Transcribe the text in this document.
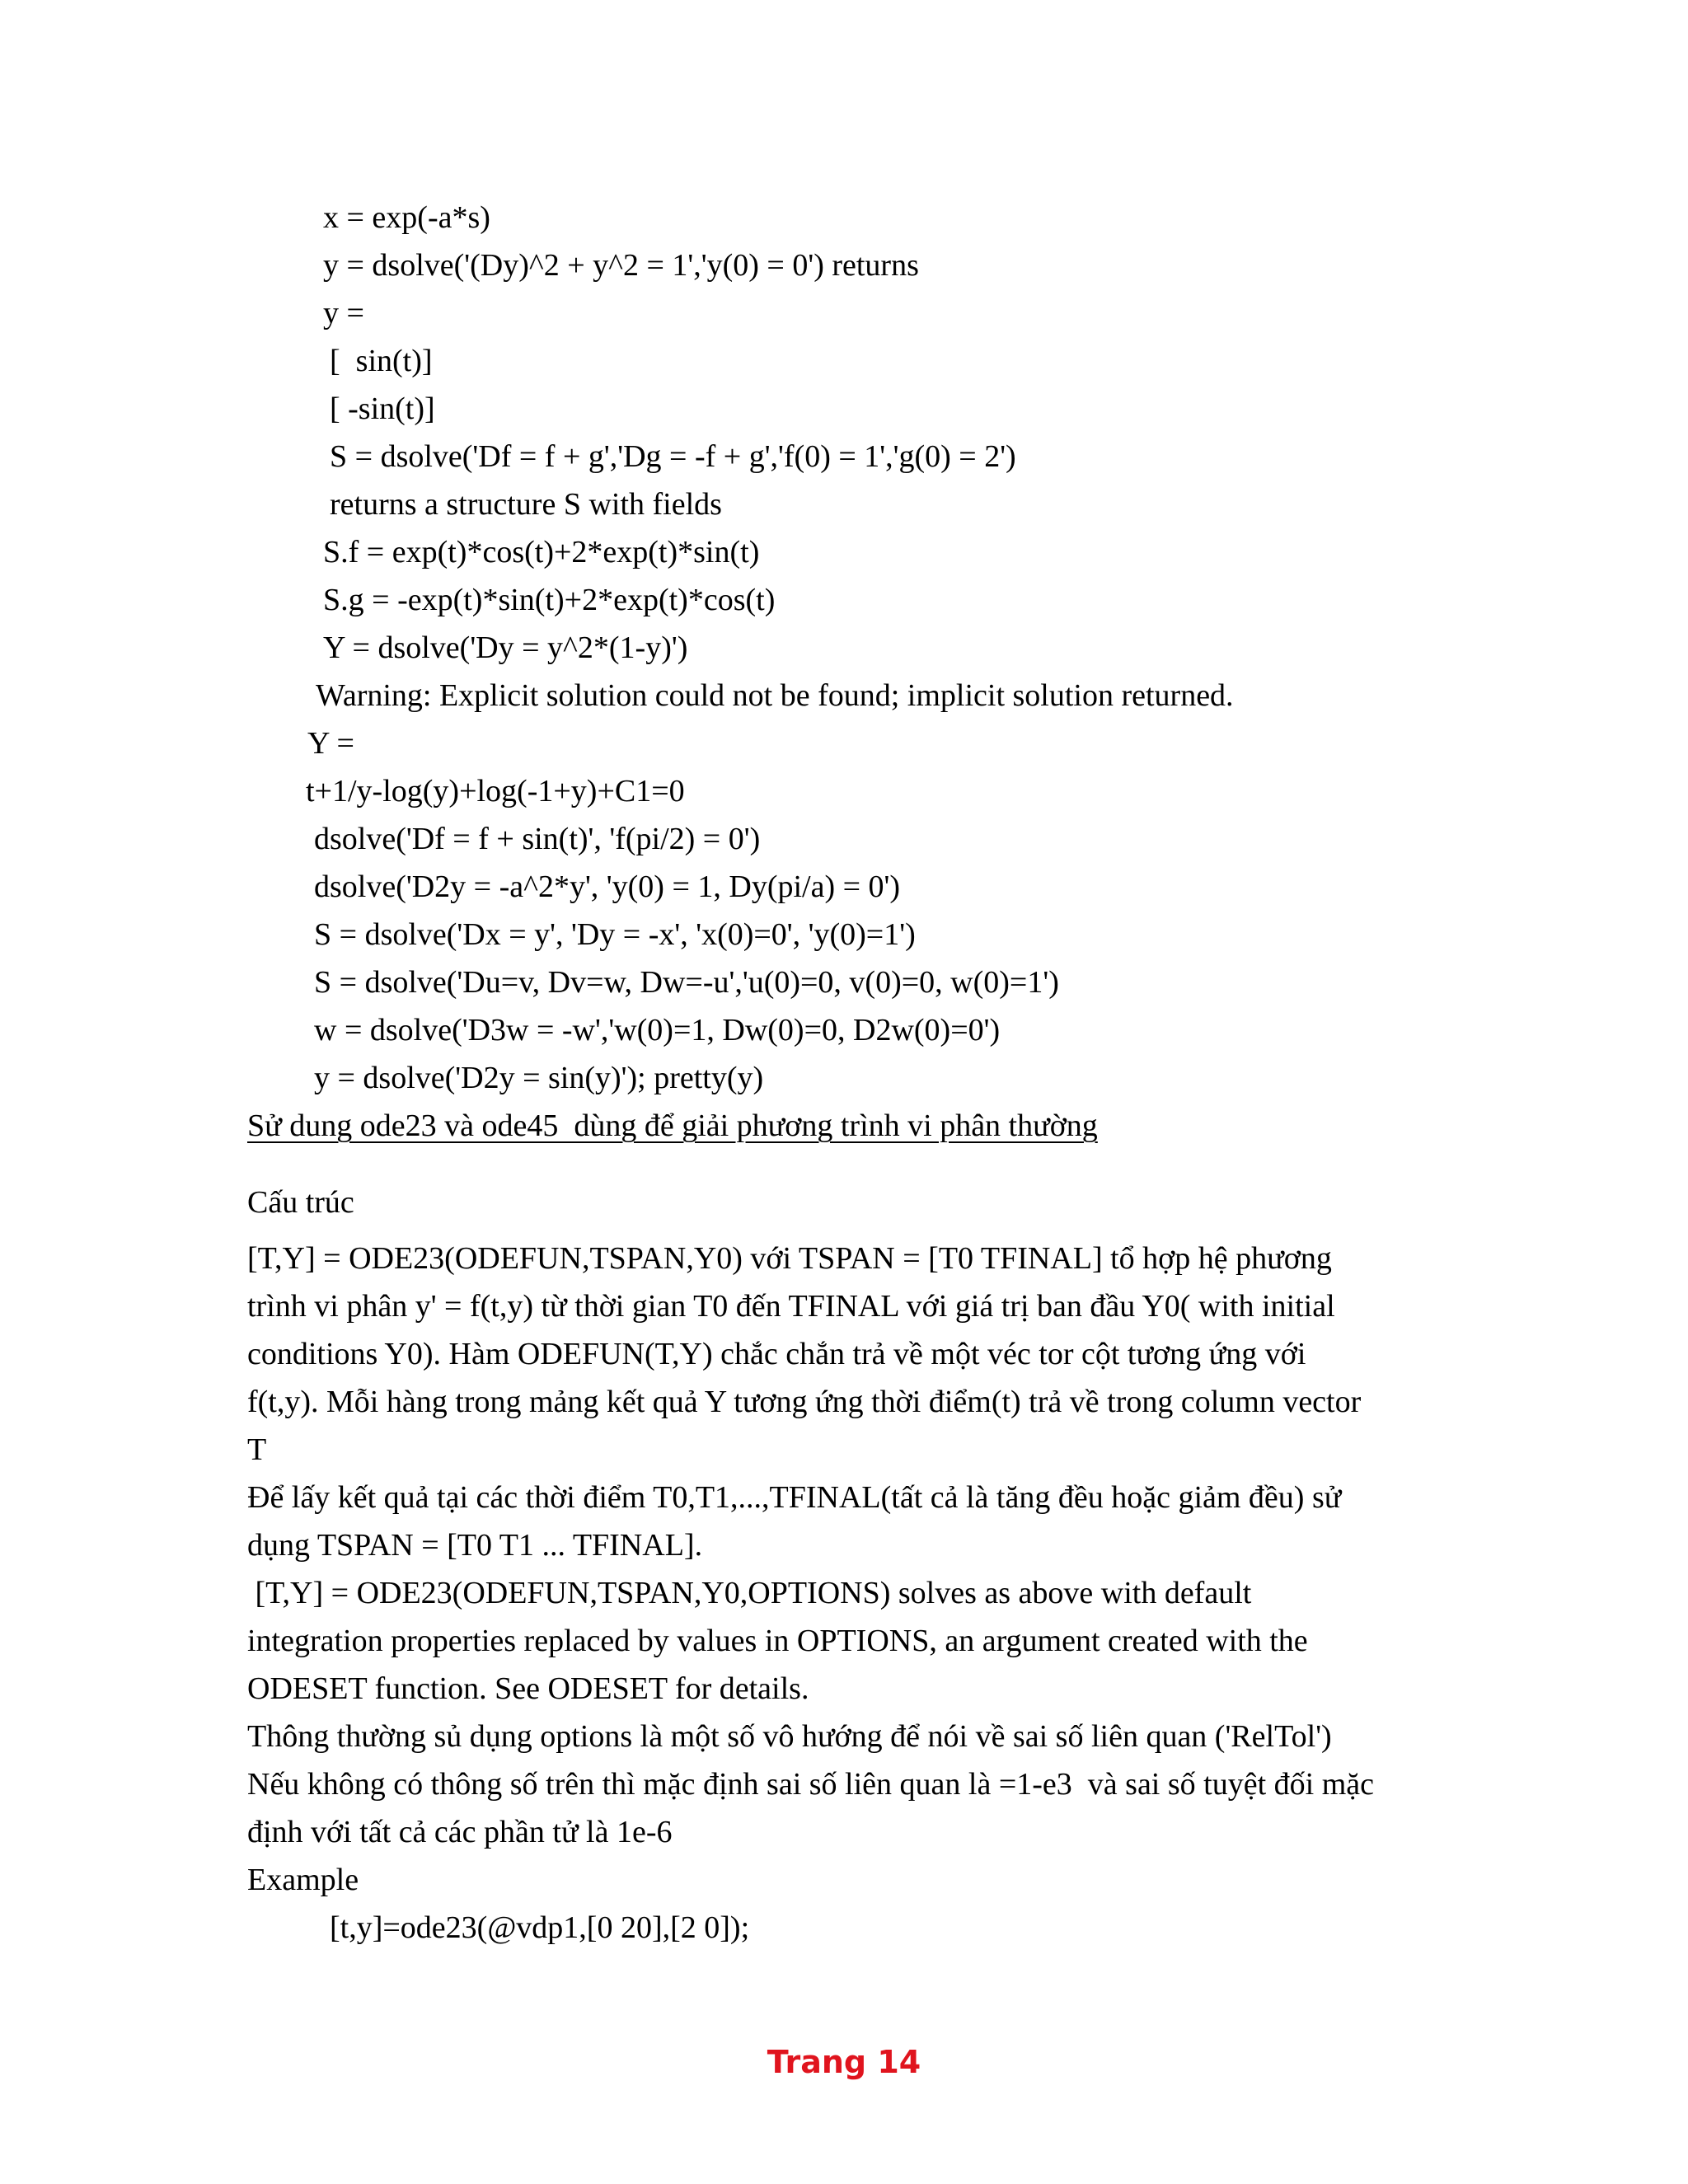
x = exp(-a*s)
y = dsolve('(Dy)^2 + y^2 = 1','y(0) = 0') returns
y =
[  sin(t)]
[ -sin(t)]
S = dsolve('Df = f + g','Dg = -f + g','f(0) = 1','g(0) = 2')
returns a structure S with fields
S.f = exp(t)*cos(t)+2*exp(t)*sin(t)
S.g = -exp(t)*sin(t)+2*exp(t)*cos(t)
Y = dsolve('Dy = y^2*(1-y)')
Warning: Explicit solution could not be found; implicit solution returned.
Y =
t+1/y-log(y)+log(-1+y)+C1=0
dsolve('Df = f + sin(t)', 'f(pi/2) = 0')
dsolve('D2y = -a^2*y', 'y(0) = 1, Dy(pi/a) = 0')
S = dsolve('Dx = y', 'Dy = -x', 'x(0)=0', 'y(0)=1')
S = dsolve('Du=v, Dv=w, Dw=-u','u(0)=0, v(0)=0, w(0)=1')
w = dsolve('D3w = -w','w(0)=1, Dw(0)=0, D2w(0)=0')
y = dsolve('D2y = sin(y)'); pretty(y)
Sử dung ode23 và ode45  dùng để giải phương trình vi phân thường
Cấu trúc
[T,Y] = ODE23(ODEFUN,TSPAN,Y0) với TSPAN = [T0 TFINAL] tổ hợp hệ phương
trình vi phân y' = f(t,y) từ thời gian T0 đến TFINAL với giá trị ban đầu Y0( with initial
conditions Y0). Hàm ODEFUN(T,Y) chắc chắn trả về một véc tor cột tương ứng với
f(t,y). Mỗi hàng trong mảng kết quả Y tương ứng thời điểm(t) trả về trong column vector
T
Để lấy kết quả tại các thời điểm T0,T1,...,TFINAL(tất cả là tăng đều hoặc giảm đều) sử
dụng TSPAN = [T0 T1 ... TFINAL].
[T,Y] = ODE23(ODEFUN,TSPAN,Y0,OPTIONS) solves as above with default
integration properties replaced by values in OPTIONS, an argument created with the
ODESET function. See ODESET for details.
Thông thường sủ dụng options là một số vô hướng để nói về sai số liên quan ('RelTol')
Nếu không có thông số trên thì mặc định sai số liên quan là =1-e3  và sai số tuyệt đối mặc
định với tất cả các phần tử là 1e-6
Example
[t,y]=ode23(@vdp1,[0 20],[2 0]);
Trang 14
